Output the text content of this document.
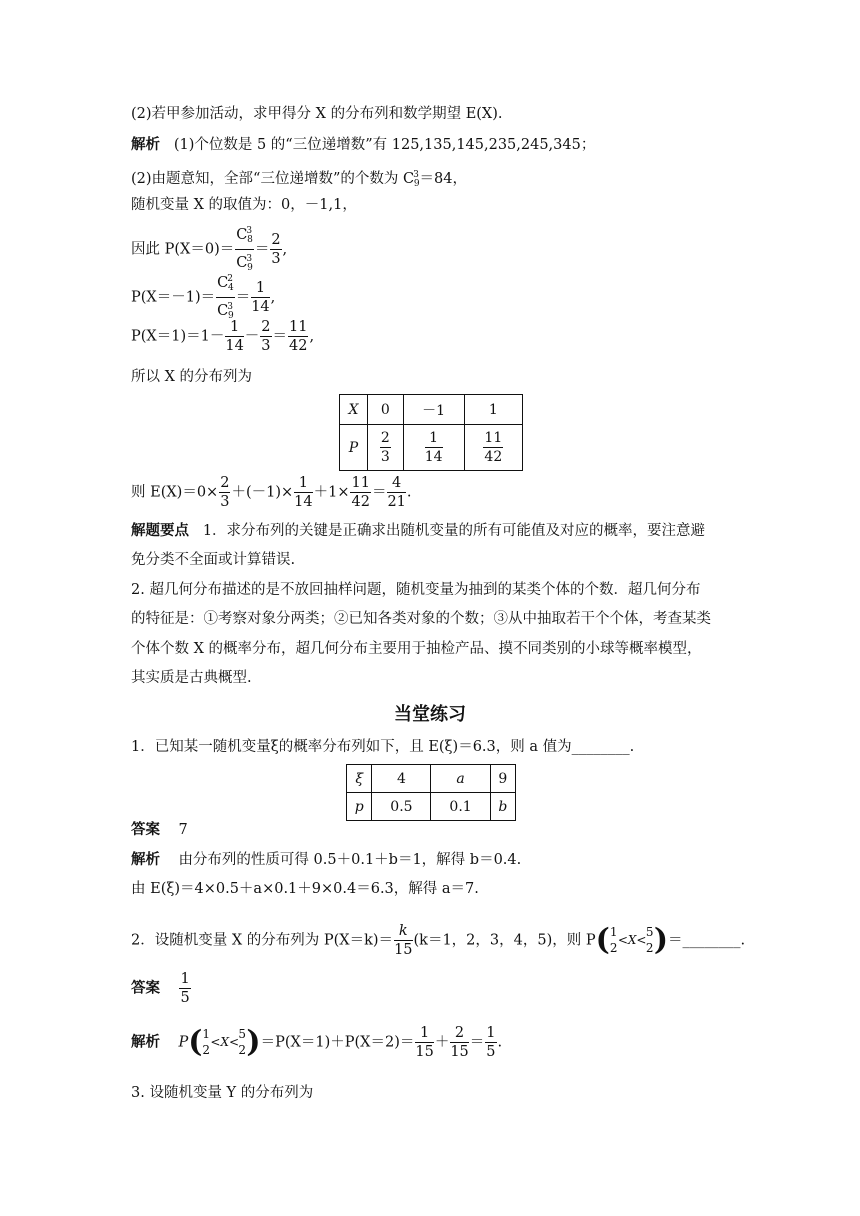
(2)若甲参加活动，求甲得分 X 的分布列和数学期望 E(X).
解析 (1)个位数是 5 的“三位递增数”有 125,135,145,235,245,345；
(2)由题意知，全部“三位递增数”的个数为 $C^3_9=84$，
随机变量 X 的取值为：0，－1,1，
因此 $P(X=0)= \frac{C^3_8}{C^3_9} = \frac{2}{3}$ ,
$P(X=-1)= \frac{C^2_4}{C^3_9} = \frac{1}{14}$ ,
$P(X=1)=1- \frac{1}{14} - \frac{2}{3} = \frac{11}{42}$ ,
所以 X 的分布列为
X	0	－1	1
P	$\frac{2}{3}$	$\frac{1}{14}$	$\frac{11}{42}$
则 $E(X)=0\times \frac{2}{3} +(-1)\times \frac{1}{14} +1\times \frac{11}{42} = \frac{4}{21}$ .
解题要点 1．求分布列的关键是正确求出随机变量的所有可能值及对应的概率，要注意避
免分类不全面或计算错误.
2. 超几何分布描述的是不放回抽样问题，随机变量为抽到的某类个体的个数．超几何分布
的特征是：①考察对象分两类；②已知各类对象的个数；③从中抽取若干个个体，考查某类
个体个数 X 的概率分布，超几何分布主要用于抽检产品、摸不同类别的小球等概率模型，
其实质是古典概型.
当堂练习
1．已知某一随机变量ξ的概率分布列如下，且 E(ξ)＝6.3，则 a 值为________.
ξ	4	a	9
p	0.5	0.1	b
答案 7
解析 由分布列的性质可得 0.5＋0.1＋b＝1，解得 b＝0.4.
由 E(ξ)＝4×0.5＋a×0.1＋9×0.4＝6.3，解得 a＝7.
2．设随机变量 X 的分布列为 $P(X=k)= \frac{k}{15} (k=1$，2，3，4，5)，则 P( 1
2
<X<
5
2 )＝________.
答案 $\frac{1}{5}$
解析 P( 1
2
<X<
5
2 )$=P(X=1)+P(X=2)= \frac{1}{15} + \frac{2}{15} = \frac{1}{5}$ .
3. 设随机变量 Y 的分布列为
